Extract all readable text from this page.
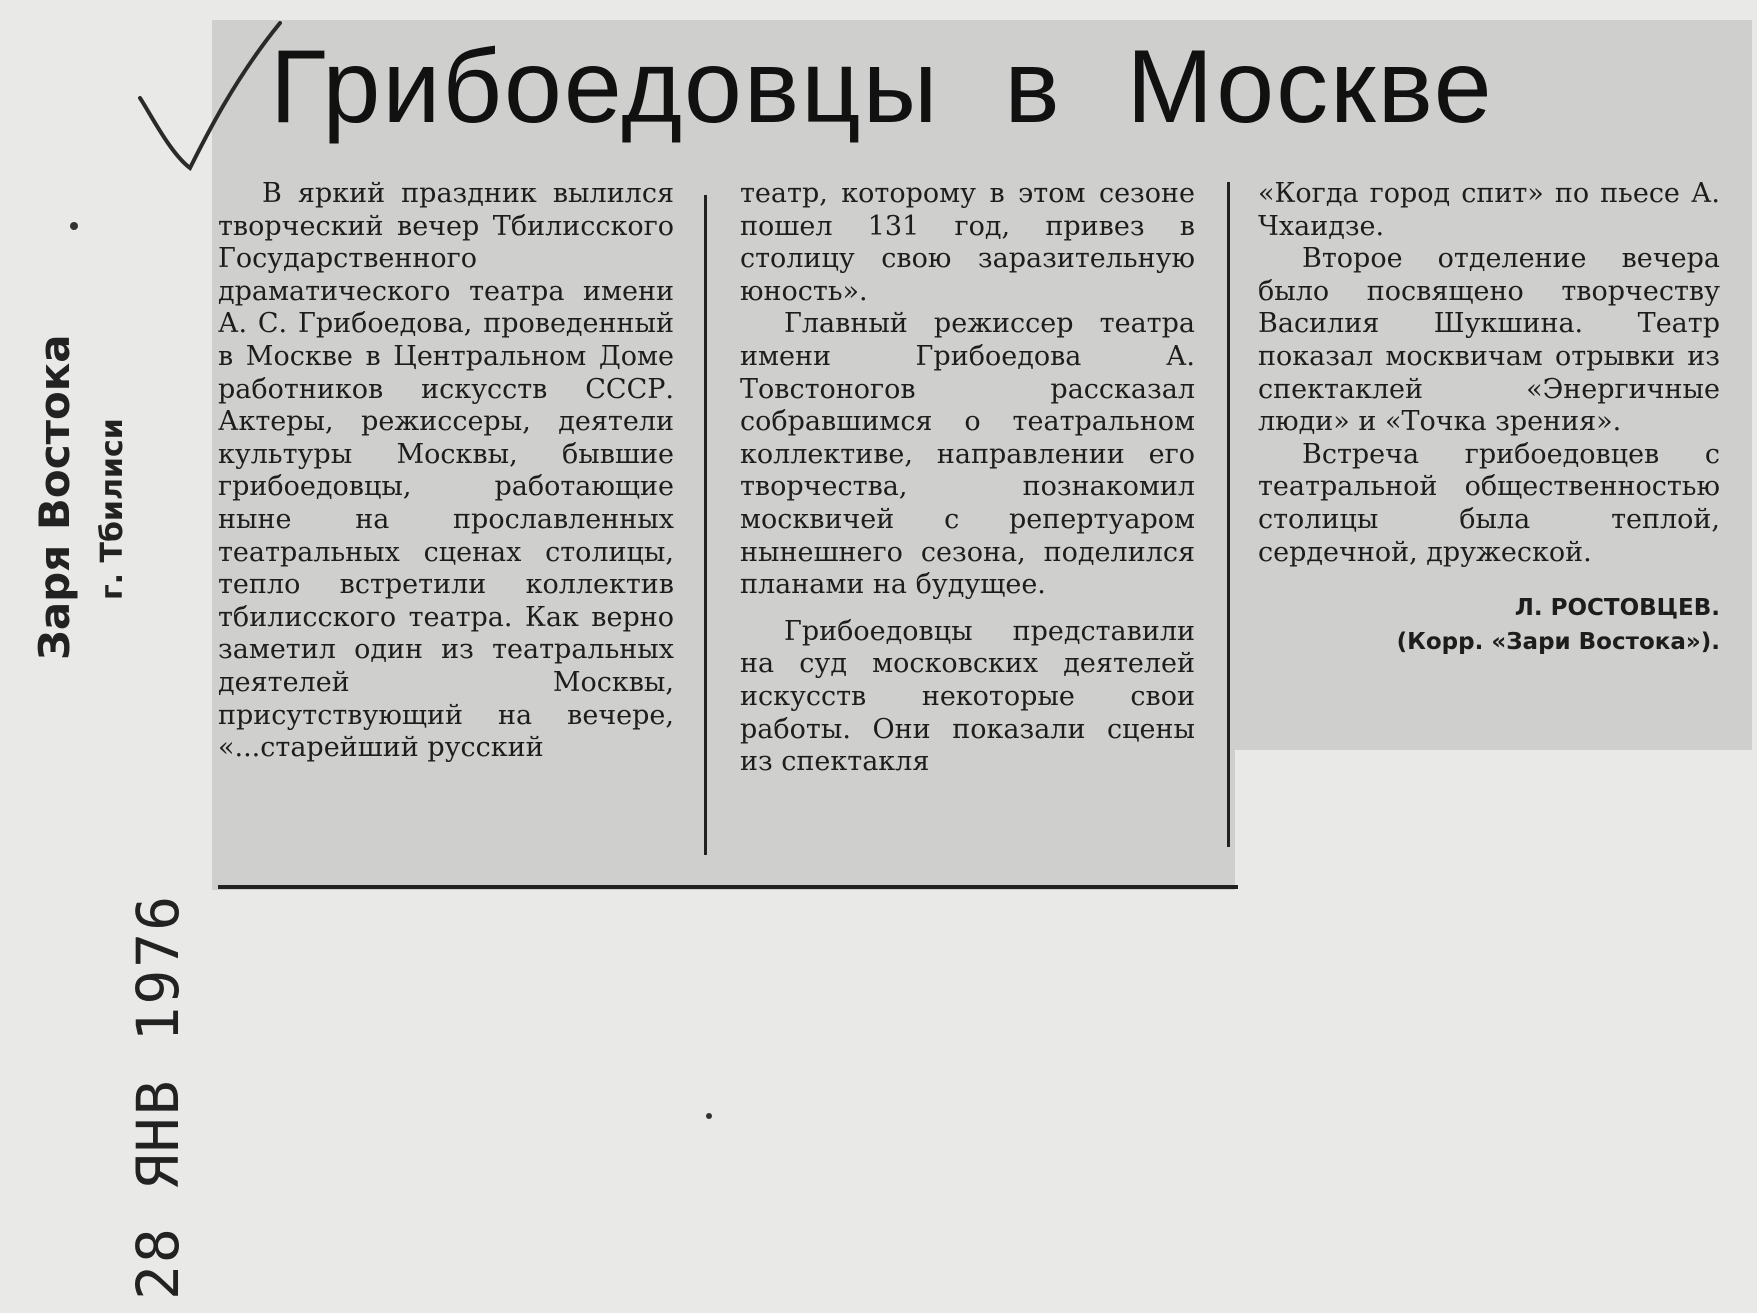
Грибоедовцы в Москве

В яркий праздник вылился творческий вечер Тбилисского Государственного драматического театра имени А. С. Грибоедова, проведенный в Москве в Центральном Доме работников искусств СССР. Актеры, режиссеры, деятели культуры Москвы, бывшие грибоедовцы, работающие ныне на прославленных театральных сценах столицы, тепло встретили коллектив тбилисского театра. Как верно заметил один из театральных деятелей Москвы, присутствующий на вечере, «...старейший русский

театр, которому в этом сезоне пошел 131 год, привез в столицу свою заразительную юность».

Главный режиссер театра имени Грибоедова А. Товстоногов рассказал собравшимся о театральном коллективе, направлении его творчества, познакомил москвичей с репертуаром нынешнего сезона, поделился планами на будущее.

Грибоедовцы представили на суд московских деятелей искусств некоторые свои работы. Они показали сцены из спектакля

«Когда город спит» по пьесе А. Чхаидзе.

Второе отделение вечера было посвящено творчеству Василия Шукшина. Театр показал москвичам отрывки из спектаклей «Энергичные люди» и «Точка зрения».

Встреча грибоедовцев с театральной общественностью столицы была теплой, сердечной, дружеской.

Л. РОСТОВЦЕВ.

(Корр. «Зари Востока»).

Заря Востока г. Тбилиси
28 ЯНВ 1976
